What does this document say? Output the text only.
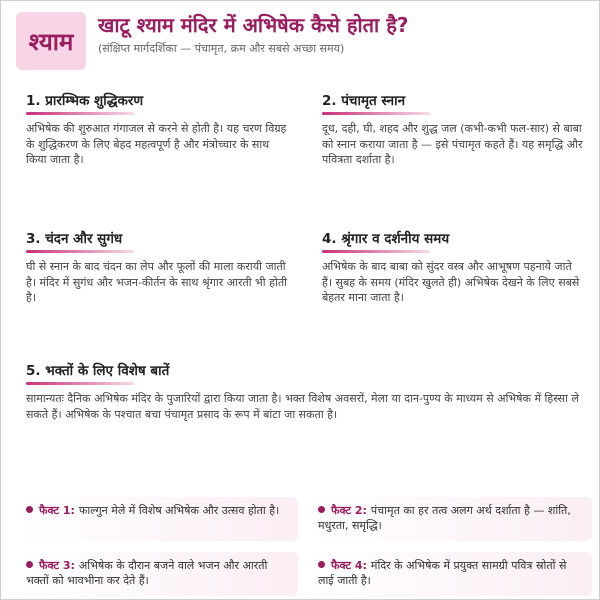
श्याम
खाटू श्याम मंदिर में अभिषेक कैसे होता है?
(संक्षिप्त मार्गदर्शिका — पंचामृत, क्रम और सबसे अच्छा समय)
1. प्रारम्भिक शुद्धिकरण

अभिषेक की शुरुआत गंगाजल से करने से होती है। यह चरण विग्रह के शुद्धिकरण के लिए बेहद महत्वपूर्ण है और मंत्रोच्चार के साथ किया जाता है।

2. पंचामृत स्नान

दूध, दही, घी, शहद और शुद्ध जल (कभी-कभी फल-सार) से बाबा को स्नान कराया जाता है — इसे पंचामृत कहते हैं। यह समृद्धि और पवित्रता दर्शाता है।

3. चंदन और सुगंध

घी से स्नान के बाद चंदन का लेप और फूलों की माला करायी जाती है। मंदिर में सुगंध और भजन-कीर्तन के साथ श्रृंगार आरती भी होती है।

4. श्रृंगार व दर्शनीय समय

अभिषेक के बाद बाबा को सुंदर वस्त्र और आभूषण पहनाये जाते हैं। सुबह के समय (मंदिर खुलते ही) अभिषेक देखने के लिए सबसे बेहतर माना जाता है।

5. भक्तों के लिए विशेष बातें

सामान्यतः दैनिक अभिषेक मंदिर के पुजारियों द्वारा किया जाता है। भक्त विशेष अवसरों, मेला या दान-पुण्य के माध्यम से अभिषेक में हिस्सा ले सकते हैं। अभिषेक के पश्चात बचा पंचामृत प्रसाद के रूप में बांटा जा सकता है।

फैक्ट 1: फाल्गुन मेले में विशेष अभिषेक और उत्सव होता है।	फैक्ट 2: पंचामृत का हर तत्व अलग अर्थ दर्शाता है — शांति, मधुरता, समृद्धि।
फैक्ट 3: अभिषेक के दौरान बजने वाले भजन और आरती भक्तों को भावभीना कर देते हैं।
फैक्ट 4: मंदिर के अभिषेक में प्रयुक्त सामग्री पवित्र स्रोतों से लाई जाती है।
